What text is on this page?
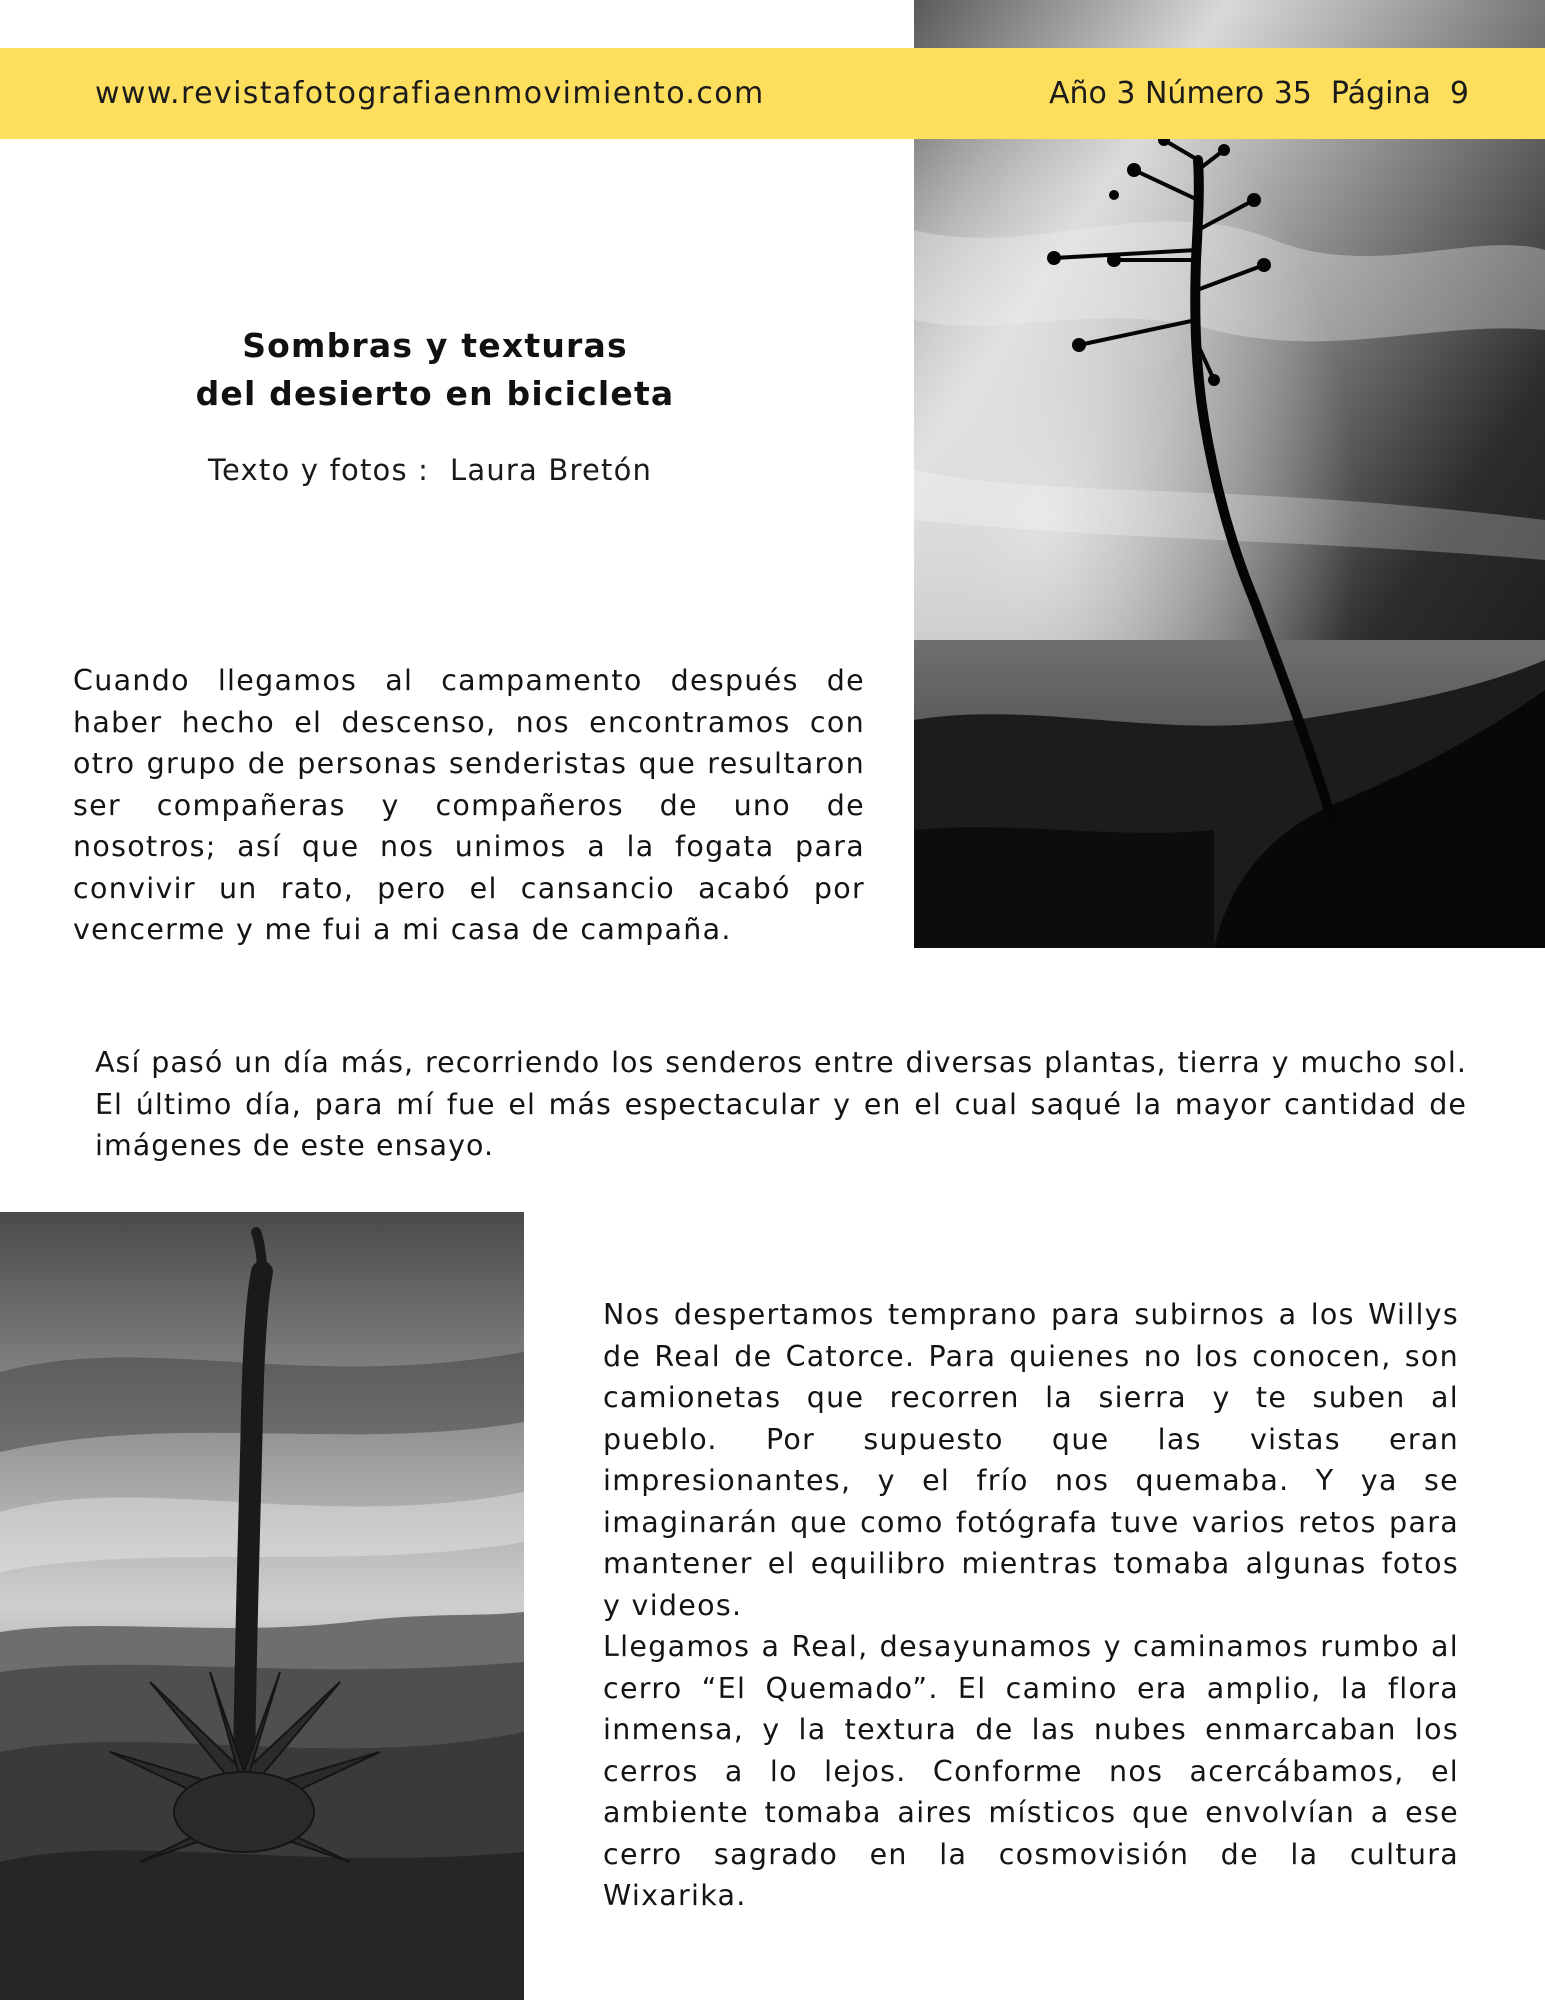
www.revistafotografiaenmovimiento.com	Año 3 Número 35  Página  9
Sombras y texturas
del desierto en bicicleta
Texto y fotos :  Laura Bretón

Cuando llegamos al campamento después de haber hecho el descenso, nos encontramos con otro grupo de personas senderistas que resultaron ser compañeras y compañeros de uno de nosotros; así que nos unimos a la fogata para convivir un rato, pero el cansancio acabó por vencerme y me fui a mi casa de campaña.

Así pasó un día más, recorriendo los senderos entre diversas plantas, tierra y mucho sol. El último día, para mí fue el más espectacular y en el cual saqué la mayor cantidad de imágenes de este ensayo.

Nos despertamos temprano para subirnos a los Willys de Real de Catorce. Para quienes no los conocen, son camionetas que recorren la sierra y te suben al pueblo. Por supuesto que las vistas eran impresionantes, y el frío nos quemaba. Y ya se imaginarán que como fotógrafa tuve varios retos para mantener el equilibro mientras tomaba algunas fotos y videos.

Llegamos a Real, desayunamos y caminamos rumbo al cerro “El Quemado”. El camino era amplio, la flora inmensa, y la textura de las nubes enmarcaban los cerros a lo lejos. Conforme nos acercábamos, el ambiente tomaba aires místicos que envolvían a ese cerro sagrado en la cosmovisión de la cultura Wixarika.
